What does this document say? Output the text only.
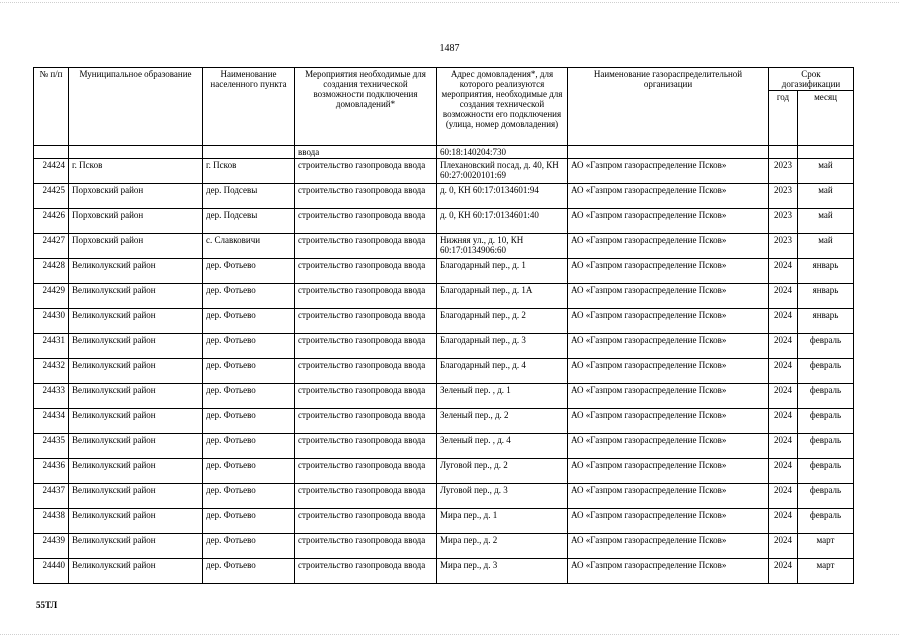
1487
№ п/п	Муниципальное образование	Наименование населенного пункта	Мероприятия необходимые для создания технической возможности подключения домовладений*	Адрес домовладения*, для которого реализуются мероприятия, необходимые для создания технической возможности его подключения (улица, номер домовладения)	Наименование газораспределительной организации	Срок догазификации	
						год	месяц
			ввода	60:18:140204:730			
24424	г. Псков	г. Псков	строительство газопровода ввода	Плехановский посад, д. 40, КН 60:27:0020101:69	АО «Газпром газораспределение Псков»	2023	май
24425	Порховский район	дер. Подсевы	строительство газопровода ввода	д. 0, КН 60:17:0134601:94	АО «Газпром газораспределение Псков»	2023	май
24426	Порховский район	дер. Подсевы	строительство газопровода ввода	д. 0, КН 60:17:0134601:40	АО «Газпром газораспределение Псков»	2023	май
24427	Порховский район	с. Славковичи	строительство газопровода ввода	Нижняя ул., д. 10, КН 60:17:0134906:60	АО «Газпром газораспределение Псков»	2023	май
24428	Великолукский район	дер. Фотьево	строительство газопровода ввода	Благодарный пер., д. 1	АО «Газпром газораспределение Псков»	2024	январь
24429	Великолукский район	дер. Фотьево	строительство газопровода ввода	Благодарный пер., д. 1А	АО «Газпром газораспределение Псков»	2024	январь
24430	Великолукский район	дер. Фотьево	строительство газопровода ввода	Благодарный пер., д. 2	АО «Газпром газораспределение Псков»	2024	январь
24431	Великолукский район	дер. Фотьево	строительство газопровода ввода	Благодарный пер., д. 3	АО «Газпром газораспределение Псков»	2024	февраль
24432	Великолукский район	дер. Фотьево	строительство газопровода ввода	Благодарный пер., д. 4	АО «Газпром газораспределение Псков»	2024	февраль
24433	Великолукский район	дер. Фотьево	строительство газопровода ввода	Зеленый пер. , д. 1	АО «Газпром газораспределение Псков»	2024	февраль
24434	Великолукский район	дер. Фотьево	строительство газопровода ввода	Зеленый пер., д. 2	АО «Газпром газораспределение Псков»	2024	февраль
24435	Великолукский район	дер. Фотьево	строительство газопровода ввода	Зеленый пер. , д. 4	АО «Газпром газораспределение Псков»	2024	февраль
24436	Великолукский район	дер. Фотьево	строительство газопровода ввода	Луговой пер., д. 2	АО «Газпром газораспределение Псков»	2024	февраль
24437	Великолукский район	дер. Фотьево	строительство газопровода ввода	Луговой пер., д. 3	АО «Газпром газораспределение Псков»	2024	февраль
24438	Великолукский район	дер. Фотьево	строительство газопровода ввода	Мира пер., д. 1	АО «Газпром газораспределение Псков»	2024	февраль
24439	Великолукский район	дер. Фотьево	строительство газопровода ввода	Мира пер., д. 2	АО «Газпром газораспределение Псков»	2024	март
24440	Великолукский район	дер. Фотьево	строительство газопровода ввода	Мира пер., д. 3	АО «Газпром газораспределение Псков»	2024	март
55ТЛ
